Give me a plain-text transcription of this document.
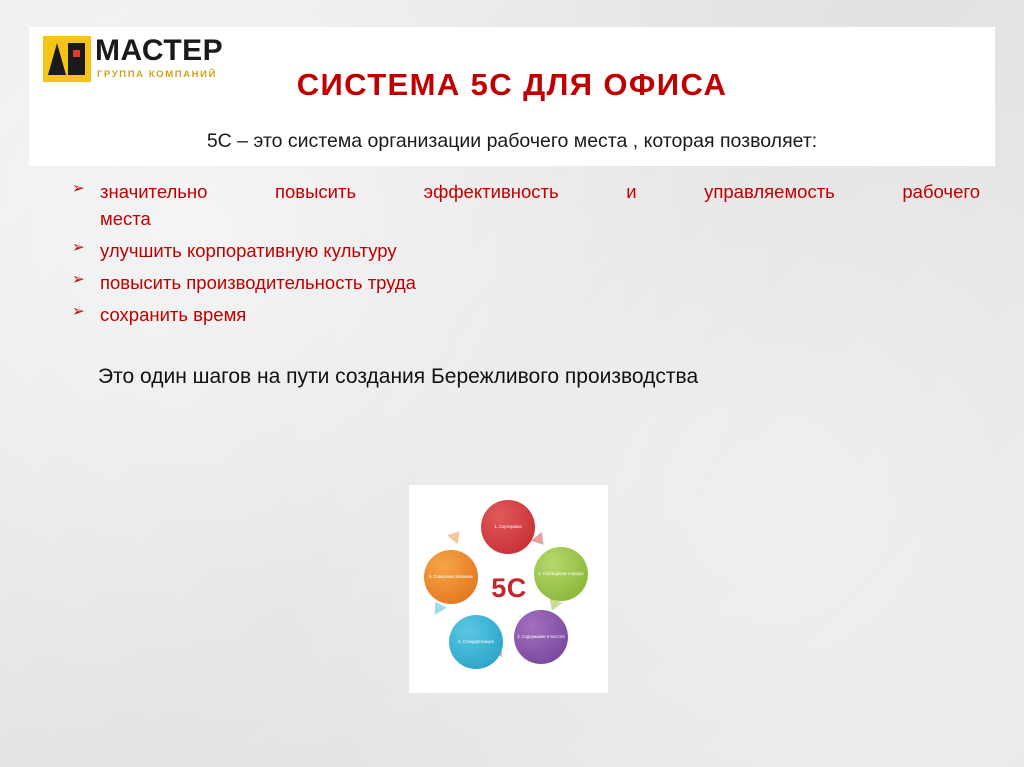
МАСТЕР
ГРУППА КОМПАНИЙ	СИСТЕМА 5С ДЛЯ ОФИСА
5С – это система организации рабочего места , которая позволяет:
➢ значительно повысить эффективность и управляемость рабочего
места
➢ улучшить корпоративную культуру
➢ повысить производительность труда
➢ сохранить время
Это один шагов на пути создания Бережливого производства
1. Сортировка
2. Соблюдение порядка
3. Содержание в чистоте
4. Стандартизация
5. Совершенствование 5С
